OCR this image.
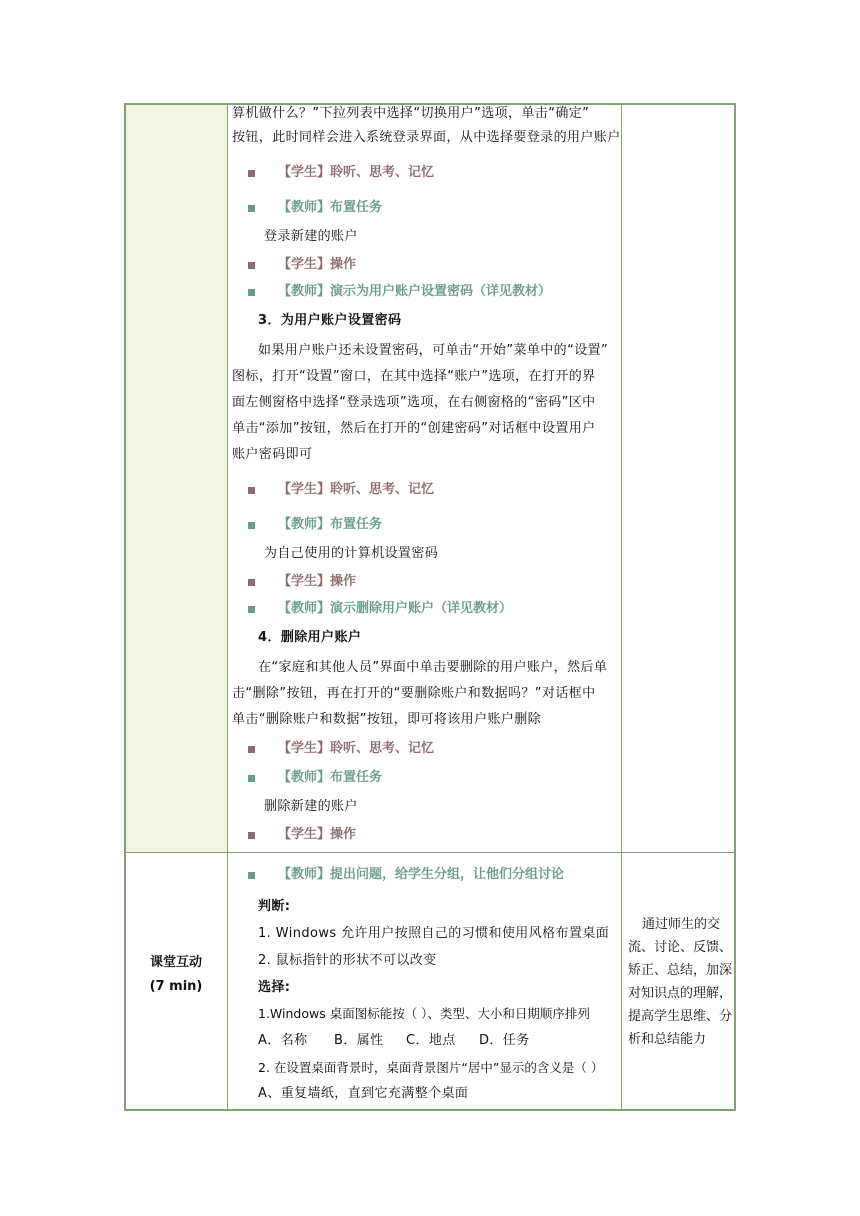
算机做什么？”下拉列表中选择“切换用户”选项，单击“确定”
按钮，此时同样会进入系统登录界面，从中选择要登录的用户账户
【学生】聆听、思考、记忆
【教师】布置任务
登录新建的账户
【学生】操作
【教师】演示为用户账户设置密码（详见教材）
3．为用户账户设置密码
如果用户账户还未设置密码，可单击“开始”菜单中的“设置”
图标，打开“设置”窗口，在其中选择“账户”选项，在打开的界
面左侧窗格中选择“登录选项”选项，在右侧窗格的“密码”区中
单击“添加”按钮，然后在打开的“创建密码”对话框中设置用户
账户密码即可
【学生】聆听、思考、记忆
【教师】布置任务
为自己使用的计算机设置密码
【学生】操作
【教师】演示删除用户账户（详见教材）
4．删除用户账户
在“家庭和其他人员”界面中单击要删除的用户账户，然后单
击“删除”按钮，再在打开的“要删除账户和数据吗？”对话框中
单击“删除账户和数据”按钮，即可将该用户账户删除
【学生】聆听、思考、记忆
【教师】布置任务
删除新建的账户
【学生】操作
课堂互动
(7 min)
【教师】提出问题，给学生分组，让他们分组讨论
判断:
1. Windows 允许用户按照自己的习惯和使用风格布置桌面
2. 鼠标指针的形状不可以改变
选择:
1.Windows 桌面图标能按（ ）、类型、大小和日期顺序排列
A．名称 B．属性 C．地点 D．任务
2. 在设置桌面背景时，桌面背景图片“居中”显示的含义是（ ）
A、重复墙纸，直到它充满整个桌面
通过师生的交
流、讨论、反馈、
矫正、总结，加深
对知识点的理解，
提高学生思维、分
析和总结能力
